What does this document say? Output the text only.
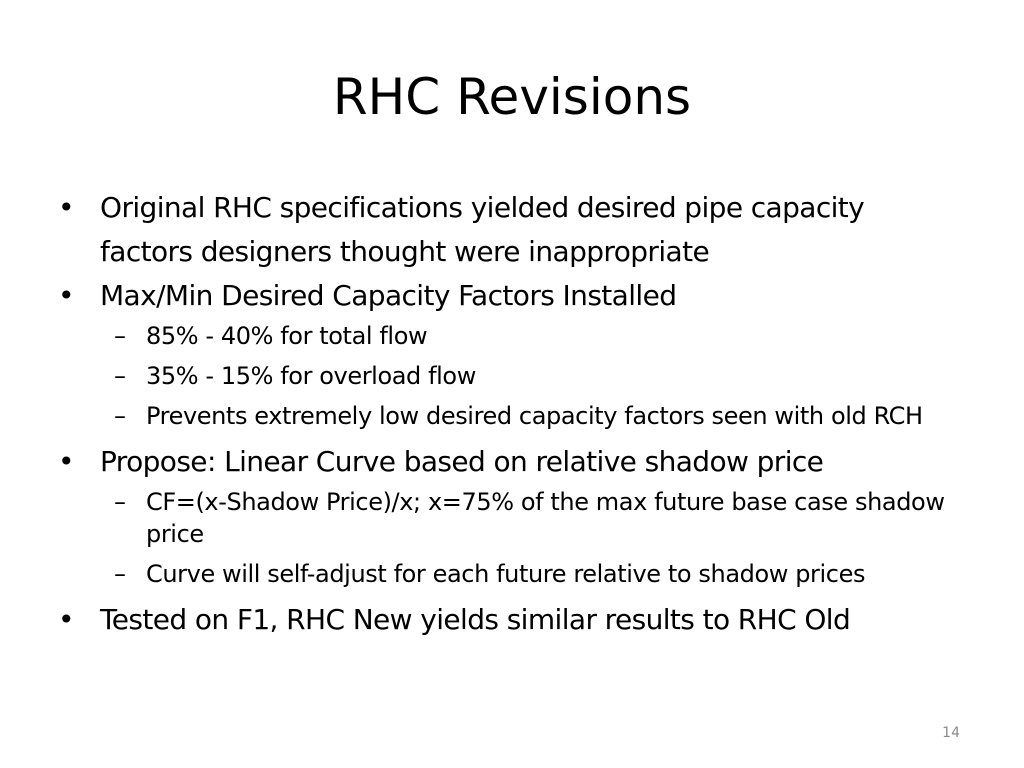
RHC Revisions
• Original RHC specifications yielded desired pipe capacity factors designers thought were inappropriate
• Max/Min Desired Capacity Factors Installed
– 85% - 40% for total flow
– 35% - 15% for overload flow
– Prevents extremely low desired capacity factors seen with old RCH
• Propose: Linear Curve based on relative shadow price
– CF=(x-Shadow Price)/x; x=75% of the max future base case shadow price
– Curve will self-adjust for each future relative to shadow prices
• Tested on F1, RHC New yields similar results to RHC Old
14
